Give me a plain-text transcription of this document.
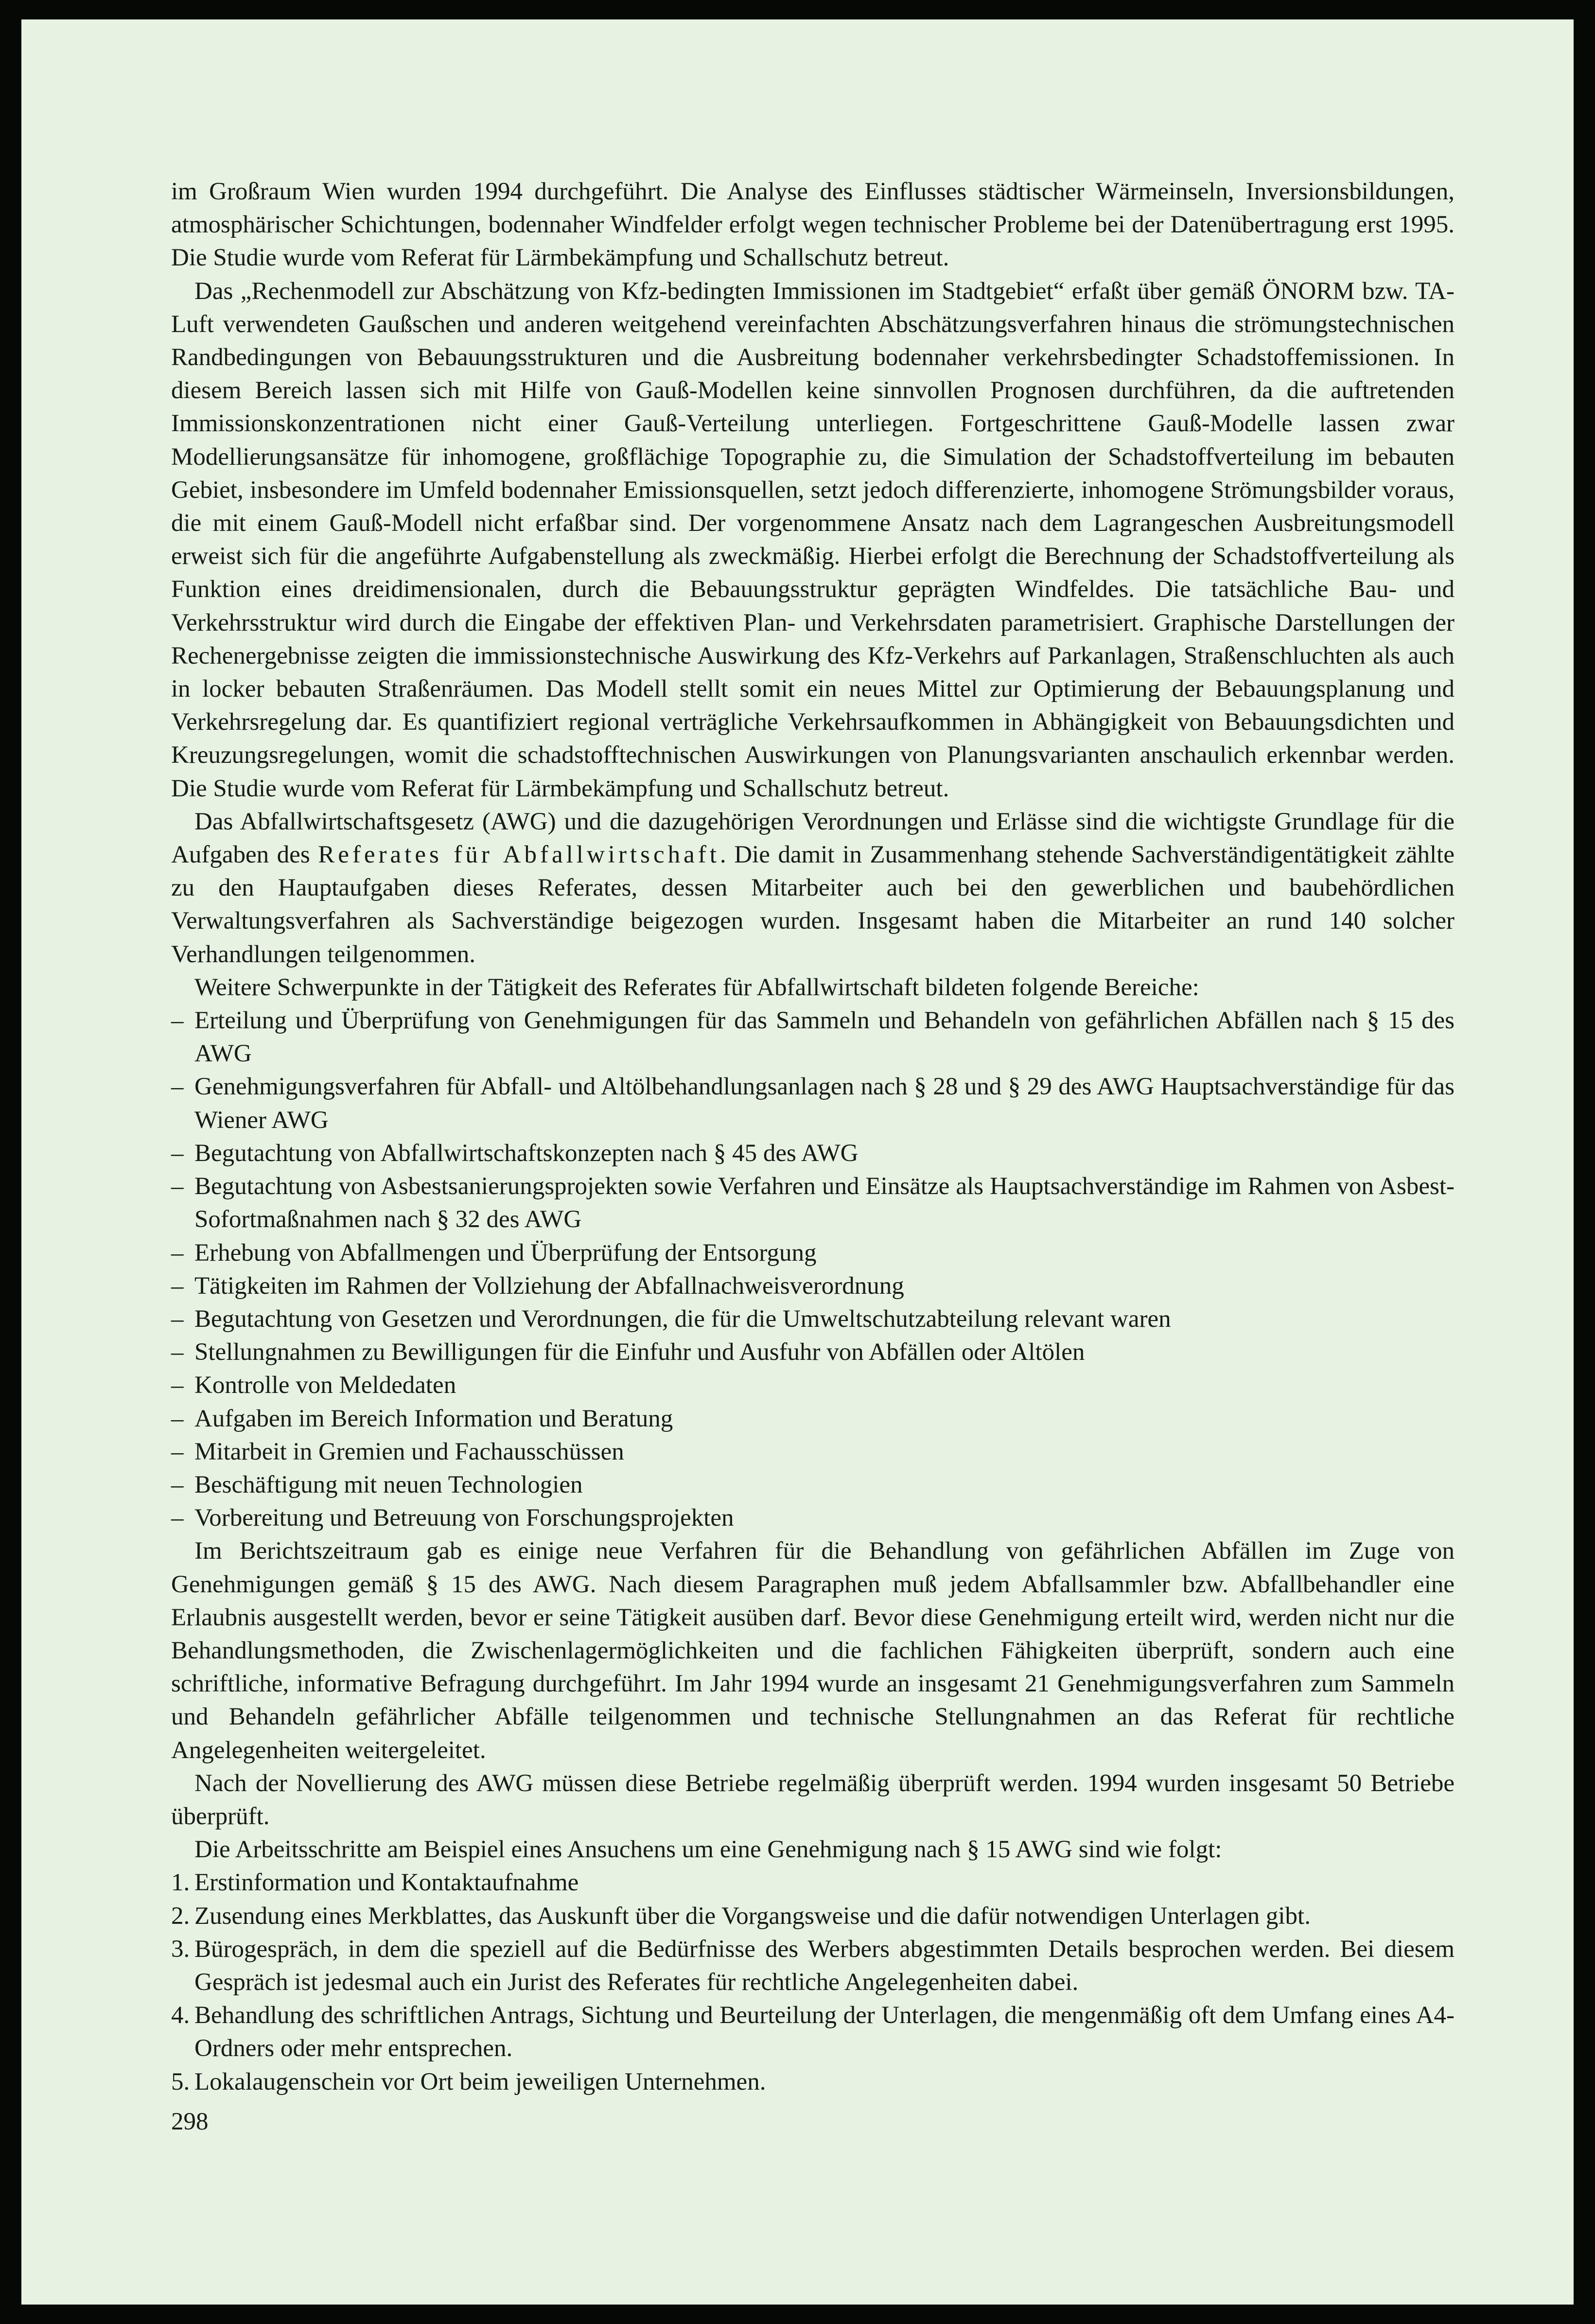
im Großraum Wien wurden 1994 durchgeführt. Die Analyse des Einflusses städtischer Wärmeinseln, Inversionsbildungen, atmosphärischer Schichtungen, bodennaher Windfelder erfolgt wegen technischer Probleme bei der Datenübertragung erst 1995. Die Studie wurde vom Referat für Lärmbekämpfung und Schallschutz betreut.

Das „Rechenmodell zur Abschätzung von Kfz-bedingten Immissionen im Stadtgebiet“ erfaßt über gemäß ÖNORM bzw. TA-Luft verwendeten Gaußschen und anderen weitgehend vereinfachten Abschätzungsverfahren hinaus die strömungstechnischen Randbedingungen von Bebauungsstrukturen und die Ausbreitung bodennaher verkehrsbedingter Schadstoffemissionen. In diesem Bereich lassen sich mit Hilfe von Gauß-Modellen keine sinnvollen Prognosen durchführen, da die auftretenden Immissionskonzentrationen nicht einer Gauß-Verteilung unterliegen. Fortgeschrittene Gauß-Modelle lassen zwar Modellierungsansätze für inhomogene, großflächige Topographie zu, die Simulation der Schadstoffverteilung im bebauten Gebiet, insbesondere im Umfeld bodennaher Emissionsquellen, setzt jedoch differenzierte, inhomogene Strömungsbilder voraus, die mit einem Gauß-Modell nicht erfaßbar sind. Der vorgenommene Ansatz nach dem Lagrangeschen Ausbreitungsmodell erweist sich für die angeführte Aufgabenstellung als zweckmäßig. Hierbei erfolgt die Berechnung der Schadstoffverteilung als Funktion eines dreidimensionalen, durch die Bebauungsstruktur geprägten Windfeldes. Die tatsächliche Bau- und Verkehrsstruktur wird durch die Eingabe der effektiven Plan- und Verkehrsdaten parametrisiert. Graphische Darstellungen der Rechenergebnisse zeigten die immissionstechnische Auswirkung des Kfz-Verkehrs auf Parkanlagen, Straßenschluchten als auch in locker bebauten Straßenräumen. Das Modell stellt somit ein neues Mittel zur Optimierung der Bebauungsplanung und Verkehrsregelung dar. Es quantifiziert regional verträgliche Verkehrsaufkommen in Abhängigkeit von Bebauungsdichten und Kreuzungsregelungen, womit die schadstofftechnischen Auswirkungen von Planungsvarianten anschaulich erkennbar werden. Die Studie wurde vom Referat für Lärmbekämpfung und Schallschutz betreut.

Das Abfallwirtschaftsgesetz (AWG) und die dazugehörigen Verordnungen und Erlässe sind die wichtigste Grundlage für die Aufgaben des Referates für Abfallwirtschaft. Die damit in Zusammenhang stehende Sachverständigentätigkeit zählte zu den Hauptaufgaben dieses Referates, dessen Mitarbeiter auch bei den gewerblichen und baubehördlichen Verwaltungsverfahren als Sachverständige beigezogen wurden. Insgesamt haben die Mitarbeiter an rund 140 solcher Verhandlungen teilgenommen.

Weitere Schwerpunkte in der Tätigkeit des Referates für Abfallwirtschaft bildeten folgende Bereiche:

– Erteilung und Überprüfung von Genehmigungen für das Sammeln und Behandeln von gefährlichen Abfällen nach § 15 des AWG
– Genehmigungsverfahren für Abfall- und Altölbehandlungsanlagen nach § 28 und § 29 des AWG Hauptsachverständige für das Wiener AWG
– Begutachtung von Abfallwirtschaftskonzepten nach § 45 des AWG
– Begutachtung von Asbestsanierungsprojekten sowie Verfahren und Einsätze als Hauptsachverständige im Rahmen von Asbest-Sofortmaßnahmen nach § 32 des AWG
– Erhebung von Abfallmengen und Überprüfung der Entsorgung
– Tätigkeiten im Rahmen der Vollziehung der Abfallnachweisverordnung
– Begutachtung von Gesetzen und Verordnungen, die für die Umweltschutzabteilung relevant waren
– Stellungnahmen zu Bewilligungen für die Einfuhr und Ausfuhr von Abfällen oder Altölen
– Kontrolle von Meldedaten
– Aufgaben im Bereich Information und Beratung
– Mitarbeit in Gremien und Fachausschüssen
– Beschäftigung mit neuen Technologien
– Vorbereitung und Betreuung von Forschungsprojekten

Im Berichtszeitraum gab es einige neue Verfahren für die Behandlung von gefährlichen Abfällen im Zuge von Genehmigungen gemäß § 15 des AWG. Nach diesem Paragraphen muß jedem Abfallsammler bzw. Abfallbehandler eine Erlaubnis ausgestellt werden, bevor er seine Tätigkeit ausüben darf. Bevor diese Genehmigung erteilt wird, werden nicht nur die Behandlungsmethoden, die Zwischenlagermöglichkeiten und die fachlichen Fähigkeiten überprüft, sondern auch eine schriftliche, informative Befragung durchgeführt. Im Jahr 1994 wurde an insgesamt 21 Genehmigungsverfahren zum Sammeln und Behandeln gefährlicher Abfälle teilgenommen und technische Stellungnahmen an das Referat für rechtliche Angelegenheiten weitergeleitet.

Nach der Novellierung des AWG müssen diese Betriebe regelmäßig überprüft werden. 1994 wurden insgesamt 50 Betriebe überprüft.

Die Arbeitsschritte am Beispiel eines Ansuchens um eine Genehmigung nach § 15 AWG sind wie folgt:

1. Erstinformation und Kontaktaufnahme
2. Zusendung eines Merkblattes, das Auskunft über die Vorgangsweise und die dafür notwendigen Unterlagen gibt.
3. Bürogespräch, in dem die speziell auf die Bedürfnisse des Werbers abgestimmten Details besprochen werden. Bei diesem Gespräch ist jedesmal auch ein Jurist des Referates für rechtliche Angelegenheiten dabei.
4. Behandlung des schriftlichen Antrags, Sichtung und Beurteilung der Unterlagen, die mengenmäßig oft dem Umfang eines A4-Ordners oder mehr entsprechen.
5. Lokalaugenschein vor Ort beim jeweiligen Unternehmen.
298
